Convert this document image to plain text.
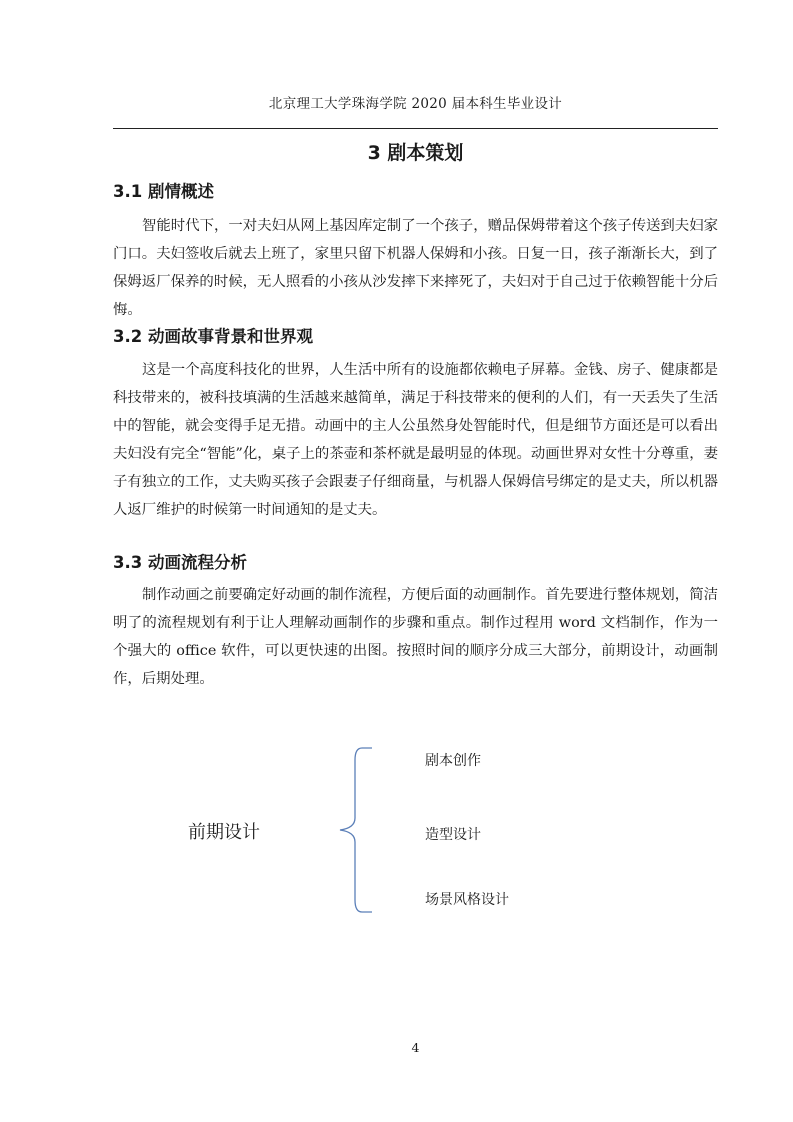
北京理工大学珠海学院 2020 届本科生毕业设计
3 剧本策划
3.1 剧情概述

智能时代下，一对夫妇从网上基因库定制了一个孩子，赠品保姆带着这个孩子传送到夫妇家门口。夫妇签收后就去上班了，家里只留下机器人保姆和小孩。日复一日，孩子渐渐长大，到了保姆返厂保养的时候，无人照看的小孩从沙发摔下来摔死了，夫妇对于自己过于依赖智能十分后悔。

3.2 动画故事背景和世界观

这是一个高度科技化的世界，人生活中所有的设施都依赖电子屏幕。金钱、房子、健康都是科技带来的，被科技填满的生活越来越简单，满足于科技带来的便利的人们，有一天丢失了生活中的智能，就会变得手足无措。动画中的主人公虽然身处智能时代，但是细节方面还是可以看出夫妇没有完全“智能”化，桌子上的茶壶和茶杯就是最明显的体现。动画世界对女性十分尊重，妻子有独立的工作，丈夫购买孩子会跟妻子仔细商量，与机器人保姆信号绑定的是丈夫，所以机器人返厂维护的时候第一时间通知的是丈夫。

3.3 动画流程分析

制作动画之前要确定好动画的制作流程，方便后面的动画制作。首先要进行整体规划，简洁明了的流程规划有利于让人理解动画制作的步骤和重点。制作过程用 word 文档制作，作为一个强大的 office 软件，可以更快速的出图。按照时间的顺序分成三大部分，前期设计，动画制作，后期处理。

前期设计
剧本创作
造型设计
场景风格设计
4
